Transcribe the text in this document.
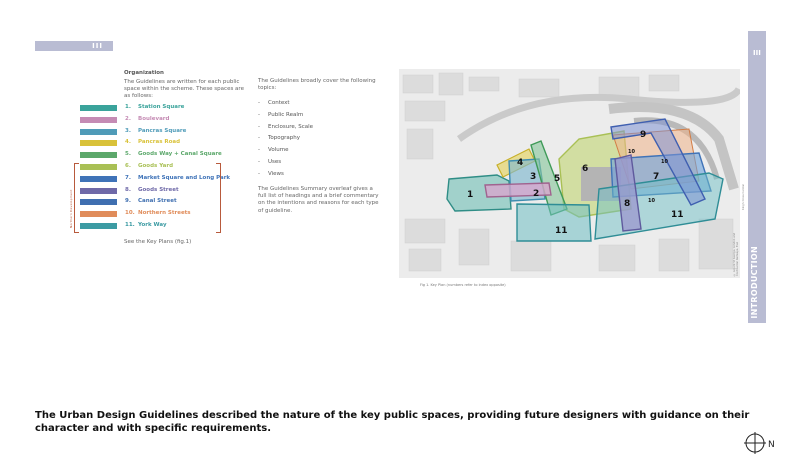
III
III
INTRODUCTION
Organization
The Guidelines are written for each public space within the scheme. These spaces are as follows:
1. Station Square
2. Boulevard
3. Pancras Square
4. Pancras Road
5. Goods Way + Canal Square
6. Goods Yard
7. Market Square and Long Park
8. Goods Street
9. Canal Street
10. Northern Streets
11. York Way
Northern Development
See the Key Plans (fig.1)
The Guidelines broadly cover the following topics:
- Context
- Public Realm
- Enclosure, Scale
- Topography
- Volume
- Uses
- Views
The Guidelines Summary overleaf gives a full list of headings and a brief commentary on the intentions and reasons for each type of guideline.
1	2
3
4
5
6
7
8
9
10
10
10
11
11
Fig 1. Key Plan (numbers refer to index opposite)
© Argent St George, London and Continental Railways, Exel
King's Cross Central
The Urban Design Guidelines described the nature of the key public spaces, providing future designers with guidance on their character and with specific requirements.
N
